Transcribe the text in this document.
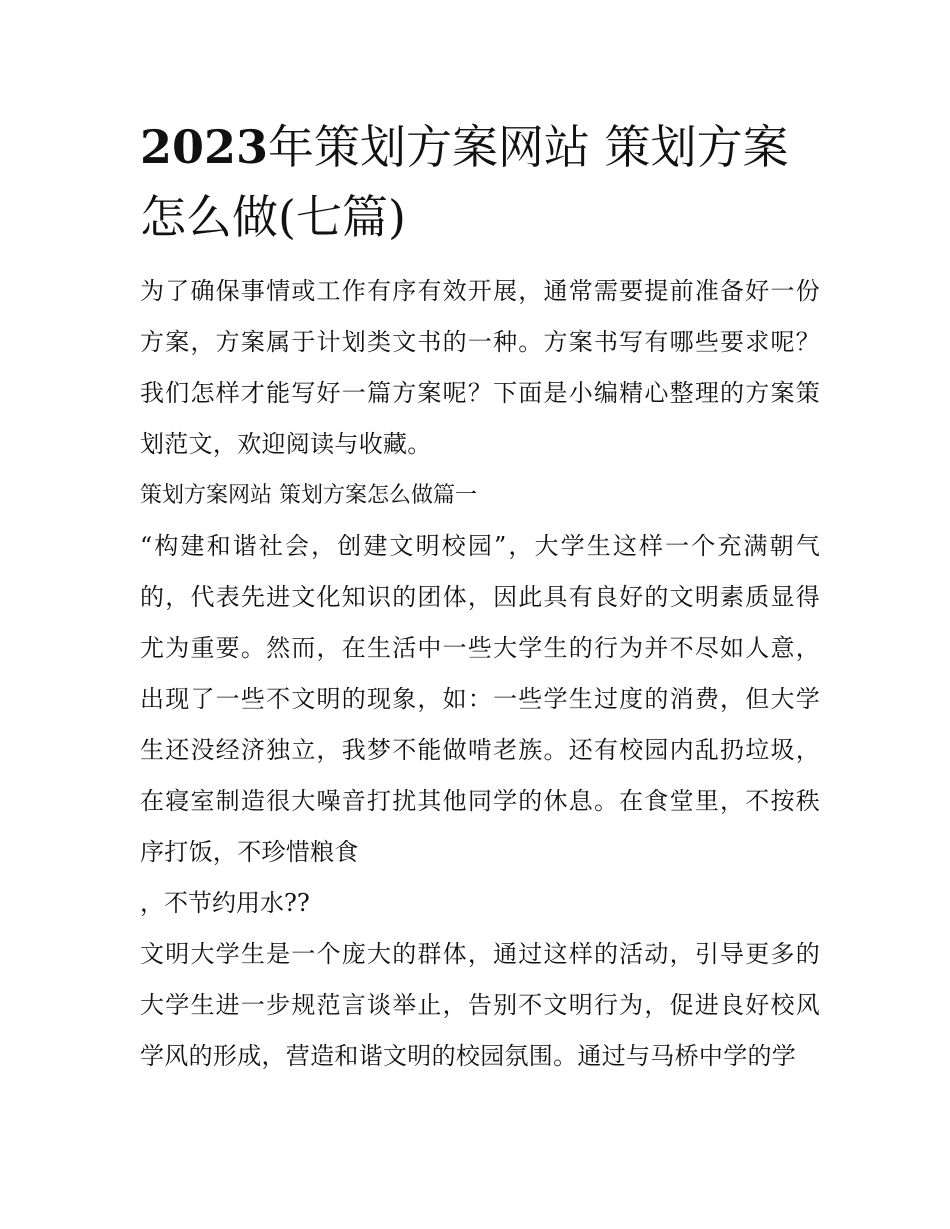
2023年策划方案网站 策划方案怎么做(七篇)

为了确保事情或工作有序有效开展，通常需要提前准备好一份方案，方案属于计划类文书的一种。方案书写有哪些要求呢？我们怎样才能写好一篇方案呢？下面是小编精心整理的方案策划范文，欢迎阅读与收藏。

策划方案网站 策划方案怎么做篇一

“构建和谐社会，创建文明校园”，大学生这样一个充满朝气的，代表先进文化知识的团体，因此具有良好的文明素质显得尤为重要。然而，在生活中一些大学生的行为并不尽如人意，出现了一些不文明的现象，如：一些学生过度的消费，但大学生还没经济独立，我梦不能做啃老族。还有校园内乱扔垃圾，在寝室制造很大噪音打扰其他同学的休息。在食堂里，不按秩序打饭，不珍惜粮食

，不节约用水??

文明大学生是一个庞大的群体，通过这样的活动，引导更多的大学生进一步规范言谈举止，告别不文明行为，促进良好校风学风的形成，营造和谐文明的校园氛围。通过与马桥中学的学
